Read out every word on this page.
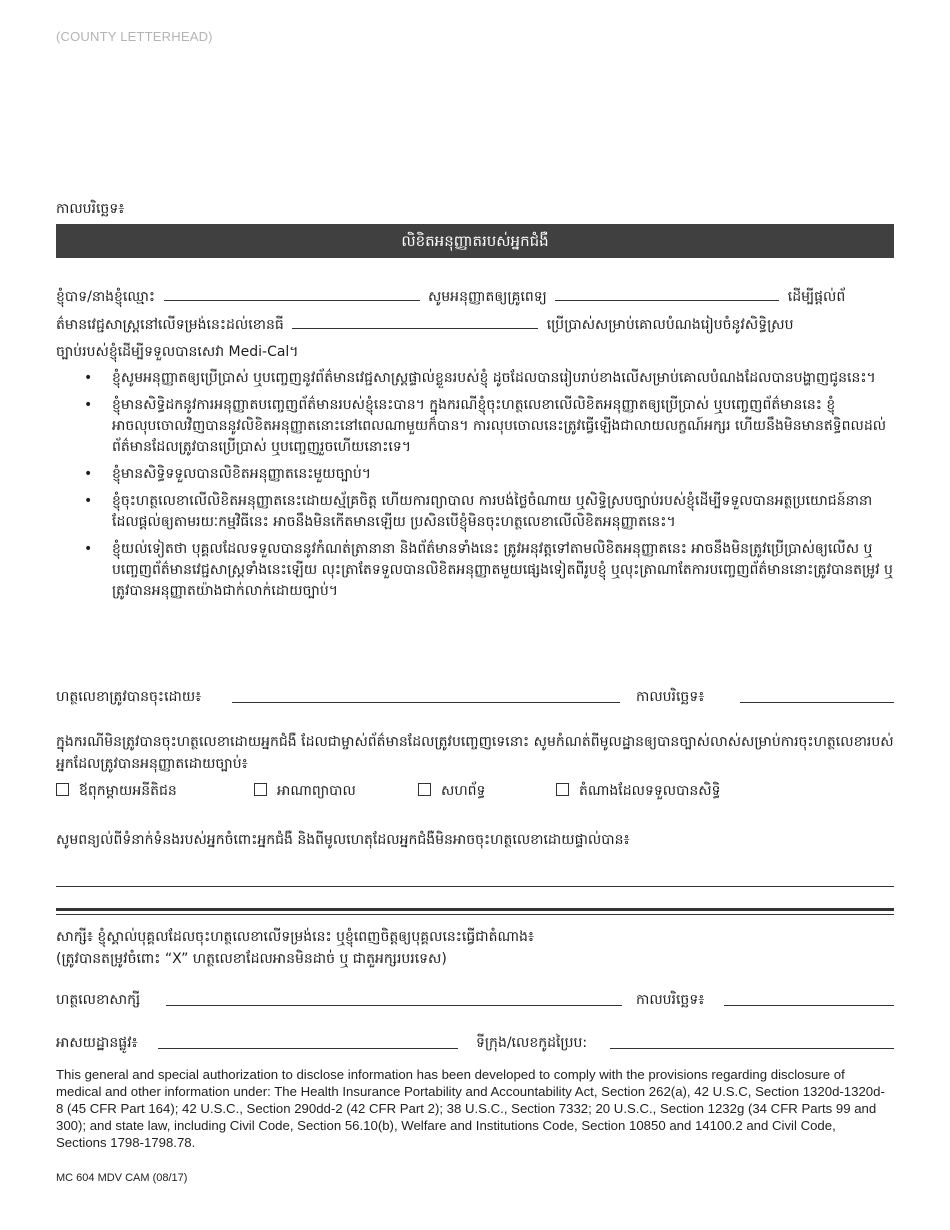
(COUNTY LETTERHEAD)
កាលបរិច្ឆេទ៖
លិខិតអនុញ្ញាតរបស់អ្នកជំងឺ
ខ្ញុំបាទ/នាងខ្ញុំឈ្មោះ	សូមអនុញ្ញាតឲ្យគ្រូពេទ្យ	ដើម្បីផ្តល់ព័
ត៌មានវេជ្ជសាស្ត្រនៅលើទម្រង់នេះដល់ខោនធី	ប្រើប្រាស់សម្រាប់គោលបំណងរៀបចំនូវសិទ្ធិស្រប
ច្បាប់របស់ខ្ញុំដើម្បីទទួលបានសេវា Medi-Cal។
• ខ្ញុំសូមអនុញ្ញាតឲ្យប្រើប្រាស់ ឬបញ្ចេញនូវព័ត៌មានវេជ្ជសាស្ត្រផ្ទាល់ខ្លួនរបស់ខ្ញុំ ដូចដែលបានរៀបរាប់ខាងលើសម្រាប់គោលបំណងដែលបានបង្ហាញជូននេះ។
• ខ្ញុំមានសិទ្ធិដកនូវការអនុញ្ញាតបញ្ចេញព័ត៌មានរបស់ខ្ញុំនេះបាន។ ក្នុងករណីខ្ញុំចុះហត្ថលេខាលើលិខិតអនុញ្ញាតឲ្យប្រើប្រាស់ ឬបញ្ចេញព័ត៌មាននេះ ខ្ញុំអាចលុបចោលវិញបាននូវលិខិតអនុញ្ញាតនោះនៅពេលណាមួយក៏បាន។ ការលុបចោលនេះត្រូវធ្វើឡើងជាលាយលក្ខណ៍អក្សរ ហើយនឹងមិនមានឥទ្ធិពលដល់ព័ត៌មានដែលត្រូវបានប្រើប្រាស់ ឬបញ្ចេញរួចហើយនោះទេ។
• ខ្ញុំមានសិទ្ធិទទួលបានលិខិតអនុញ្ញាតនេះមួយច្បាប់។
• ខ្ញុំចុះហត្ថលេខាលើលិខិតអនុញ្ញាតនេះដោយស្ម័គ្រចិត្ត ហើយការព្យាបាល ការបង់ថ្លៃចំណាយ ឬសិទ្ធិស្របច្បាប់របស់ខ្ញុំដើម្បីទទួលបានអត្ថប្រយោជន៍នានាដែលផ្តល់ឲ្យតាមរយៈកម្មវិធីនេះ អាចនឹងមិនកើតមានឡើយ ប្រសិនបើខ្ញុំមិនចុះហត្ថលេខាលើលិខិតអនុញ្ញាតនេះ។
• ខ្ញុំយល់ទៀតថា បុគ្គលដែលទទួលបាននូវកំណត់ត្រានានា និងព័ត៌មានទាំងនេះ ត្រូវអនុវត្តទៅតាមលិខិតអនុញ្ញាតនេះ អាចនឹងមិនត្រូវប្រើប្រាស់ឲ្យលើស ឬបញ្ចេញព័ត៌មានវេជ្ជសាស្ត្រទាំងនេះឡើយ លុះត្រាតែទទួលបានលិខិតអនុញ្ញាតមួយផ្សេងទៀតពីរូបខ្ញុំ ឬលុះត្រាណាតែការបញ្ចេញព័ត៌មាននោះត្រូវបានតម្រូវ ឬ ត្រូវបានអនុញ្ញាតយ៉ាងជាក់លាក់ដោយច្បាប់។
ហត្ថលេខាត្រូវបានចុះដោយ៖	កាលបរិច្ឆេទ៖
ក្នុងករណីមិនត្រូវបានចុះហត្ថលេខាដោយអ្នកជំងឺ ដែលជាម្ចាស់ព័ត៌មានដែលត្រូវបញ្ចេញទេនោះ សូមកំណត់ពីមូលដ្ឋានឲ្យបានច្បាស់លាស់សម្រាប់ការចុះហត្ថលេខារបស់អ្នកដែលត្រូវបានអនុញ្ញាតដោយច្បាប់៖
ឪពុកម្តាយអនីតិជន	អាណាព្យាបាល	សហព័ទ្ធ	តំណាងដែលទទួលបានសិទ្ធិ
សូមពន្យល់ពីទំនាក់ទំនងរបស់អ្នកចំពោះអ្នកជំងឺ និងពីមូលហេតុដែលអ្នកជំងឺមិនអាចចុះហត្ថលេខាដោយផ្ទាល់បាន៖
សាក្សី៖ ខ្ញុំស្គាល់បុគ្គលដែលចុះហត្ថលេខាលើទម្រង់នេះ ឬខ្ញុំពេញចិត្តឲ្យបុគ្គលនេះធ្វើជាតំណាង៖
(ត្រូវបានតម្រូវចំពោះ “X” ហត្ថលេខាដែលអានមិនដាច់ ឬ ជាតួអក្សរបរទេស)
ហត្ថលេខាសាក្សី	កាលបរិច្ឆេទ៖
អាសយដ្ឋានផ្លូវ៖	ទីក្រុង/លេខកូដប្រៃប:
This general and special authorization to disclose information has been developed to comply with the provisions regarding disclosure of medical and other information under: The Health Insurance Portability and Accountability Act, Section 262(a), 42 U.S.C, Section 1320d-1320d-8 (45 CFR Part 164); 42 U.S.C., Section 290dd-2 (42 CFR Part 2); 38 U.S.C., Section 7332; 20 U.S.C., Section 1232g (34 CFR Parts 99 and 300); and state law, including Civil Code, Section 56.10(b), Welfare and Institutions Code, Section 10850 and 14100.2 and Civil Code, Sections 1798-1798.78.
MC 604 MDV CAM (08/17)
